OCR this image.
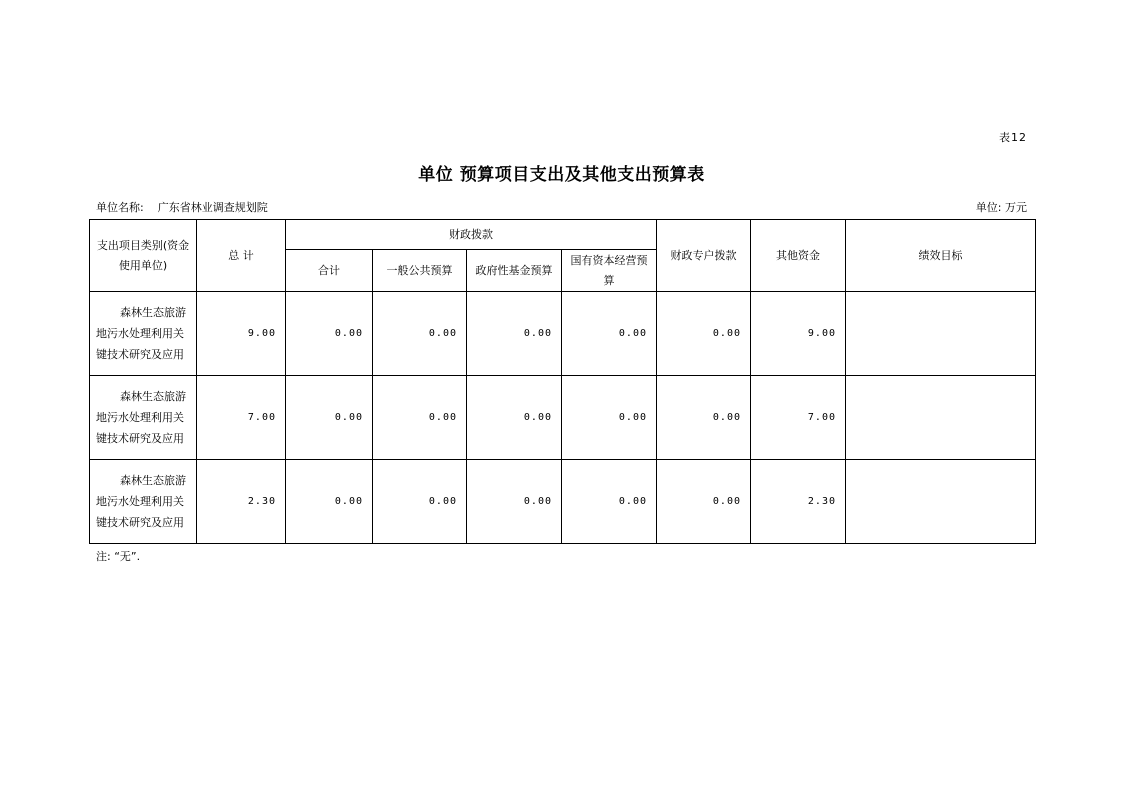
表12
单位 预算项目支出及其他支出预算表
单位名称: 广东省林业调查规划院	单位: 万元
支出项目类别(资金使用单位)	总 计	财政拨款				财政专户拨款	其他资金	绩效目标
		合计	一般公共预算	政府性基金预算	国有资本经营预算			

森林生态旅游地污水处理利用关键技术研究及应用	9.00	0.00	0.00	0.00	0.00	0.00	9.00	

森林生态旅游地污水处理利用关键技术研究及应用	7.00	0.00	0.00	0.00	0.00	0.00	7.00	

森林生态旅游地污水处理利用关键技术研究及应用	2.30	0.00	0.00	0.00	0.00	0.00	2.30	
注: “无”.
